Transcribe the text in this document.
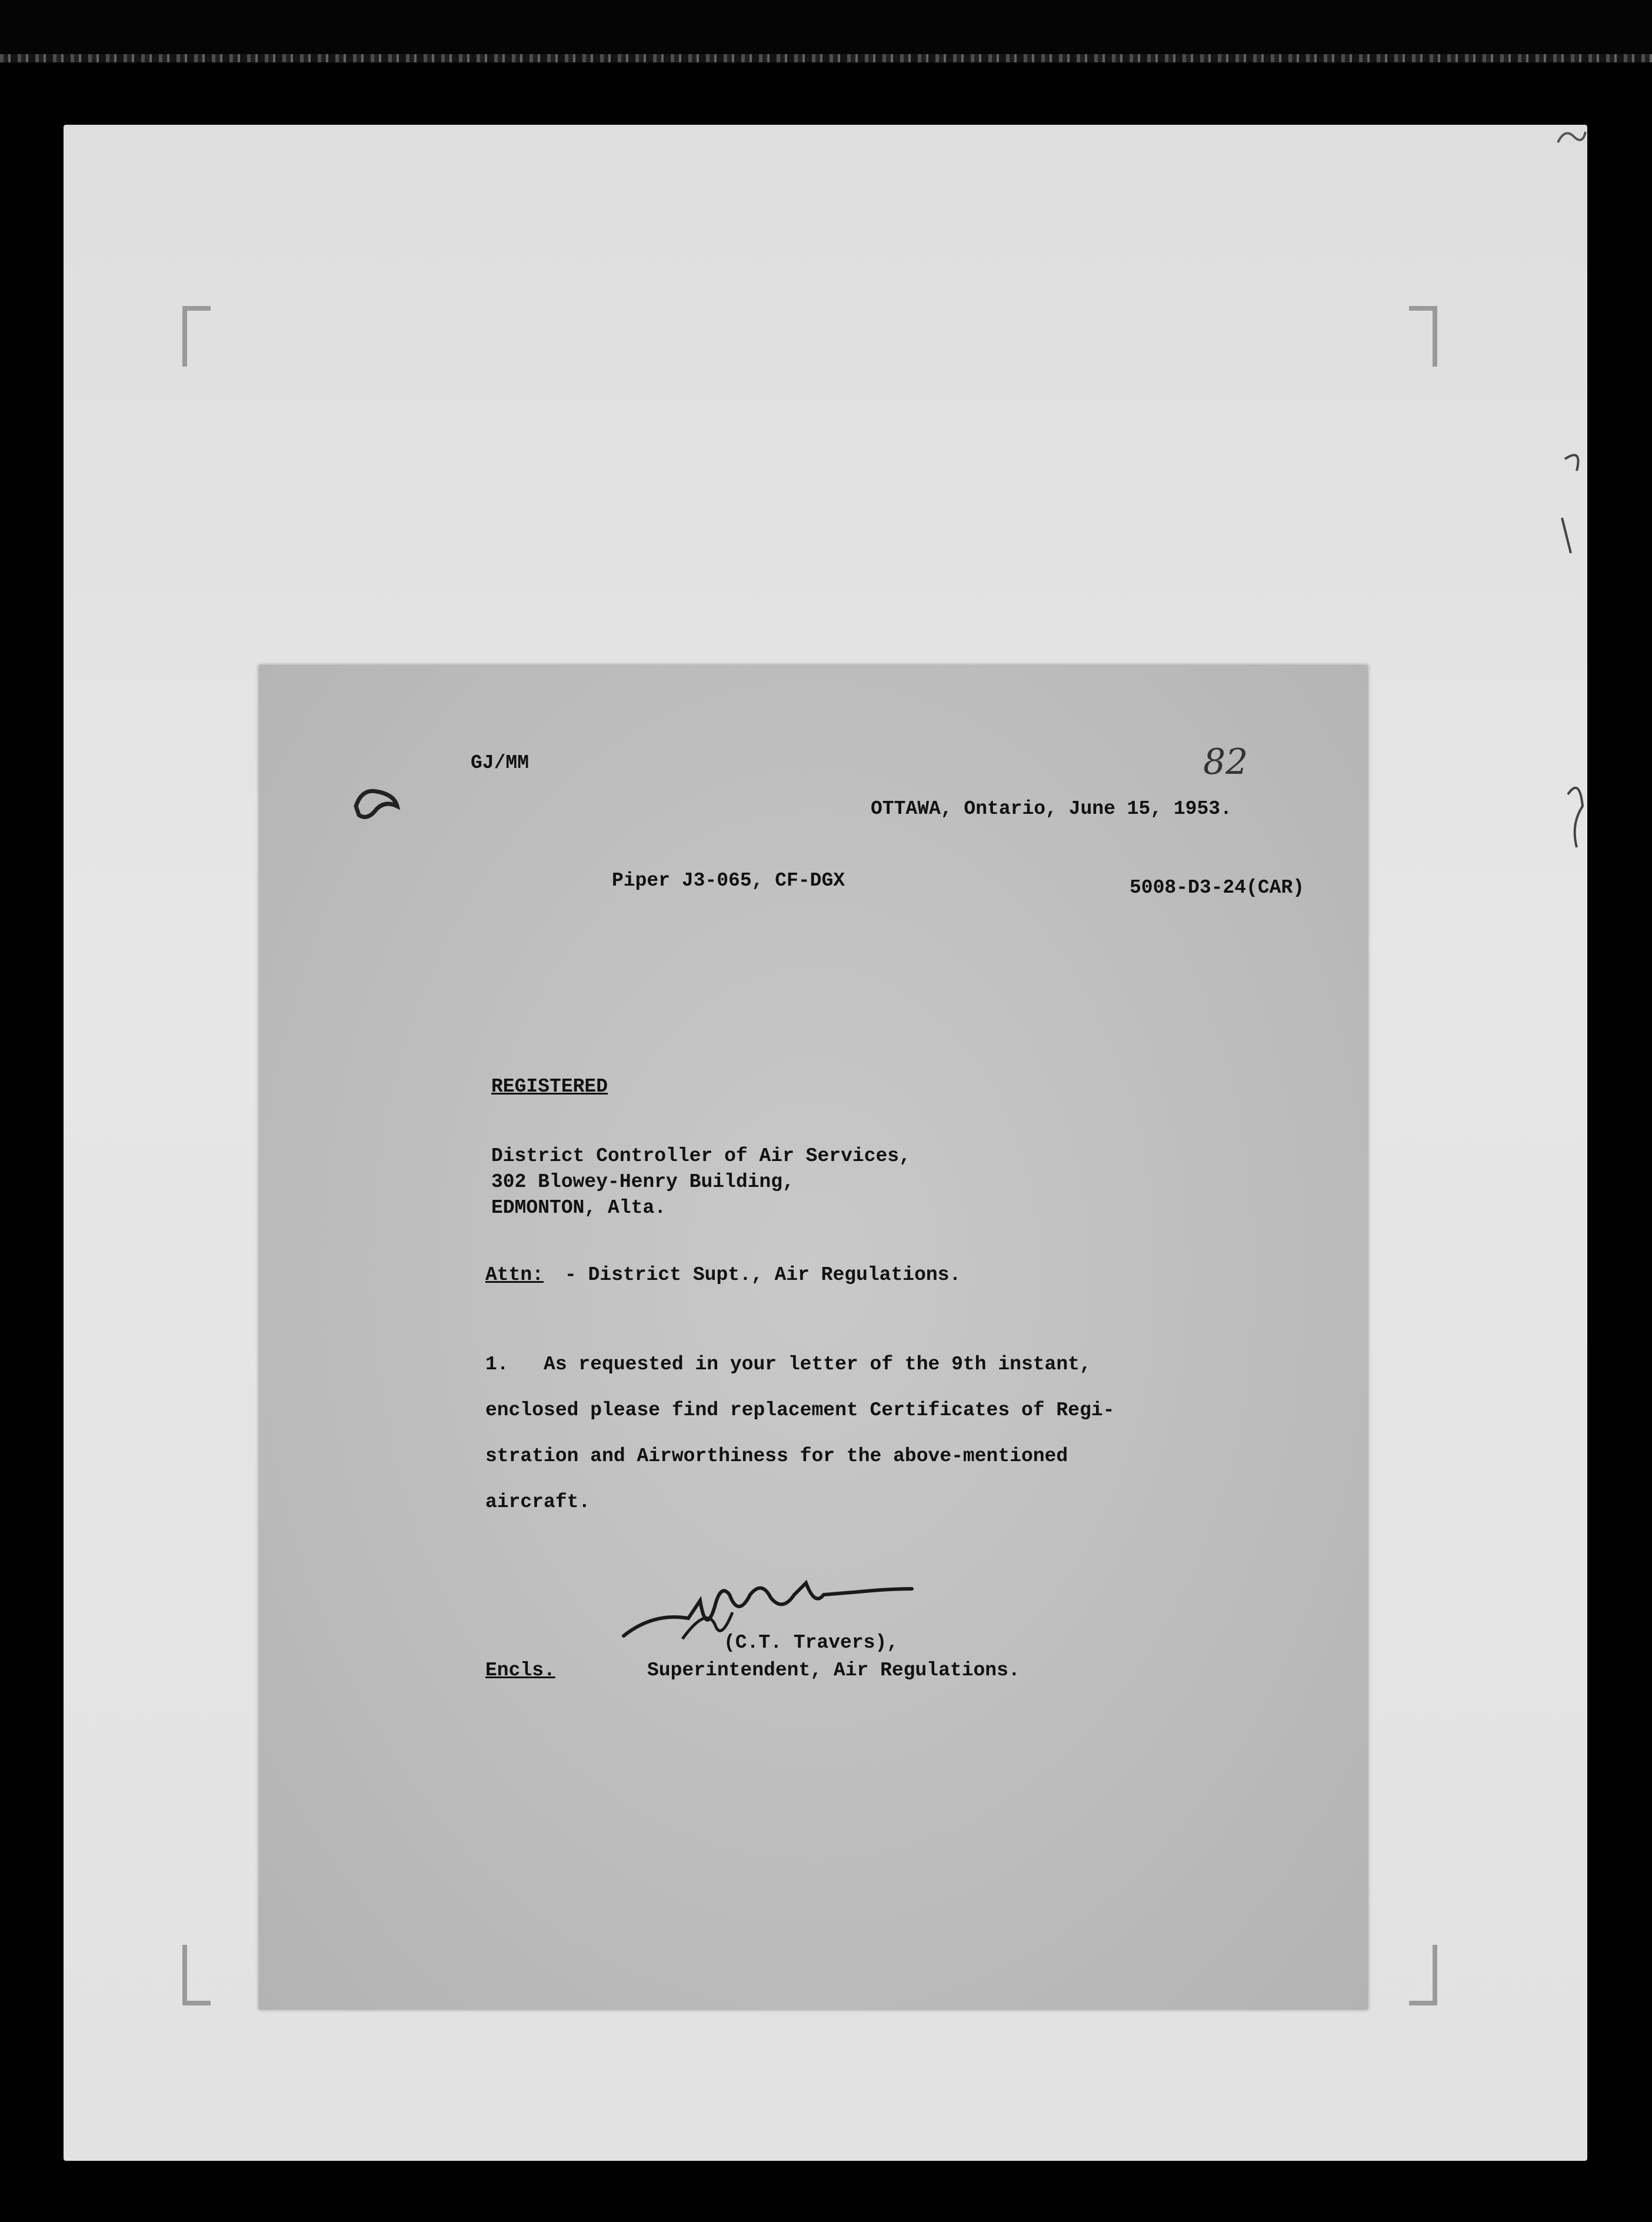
GJ/MM	82
OTTAWA, Ontario, June 15, 1953.
Piper J3-065, CF-DGX	5008-D3-24(CAR)
REGISTERED
District Controller of Air Services,
302 Blowey-Henry Building,
EDMONTON, Alta.
Attn: - District Supt., Air Regulations.
1.   As requested in your letter of the 9th instant,
enclosed please find replacement Certificates of Regi-
stration and Airworthiness for the above-mentioned
aircraft.
(C.T. Travers),
Superintendent, Air Regulations.
Encls.
